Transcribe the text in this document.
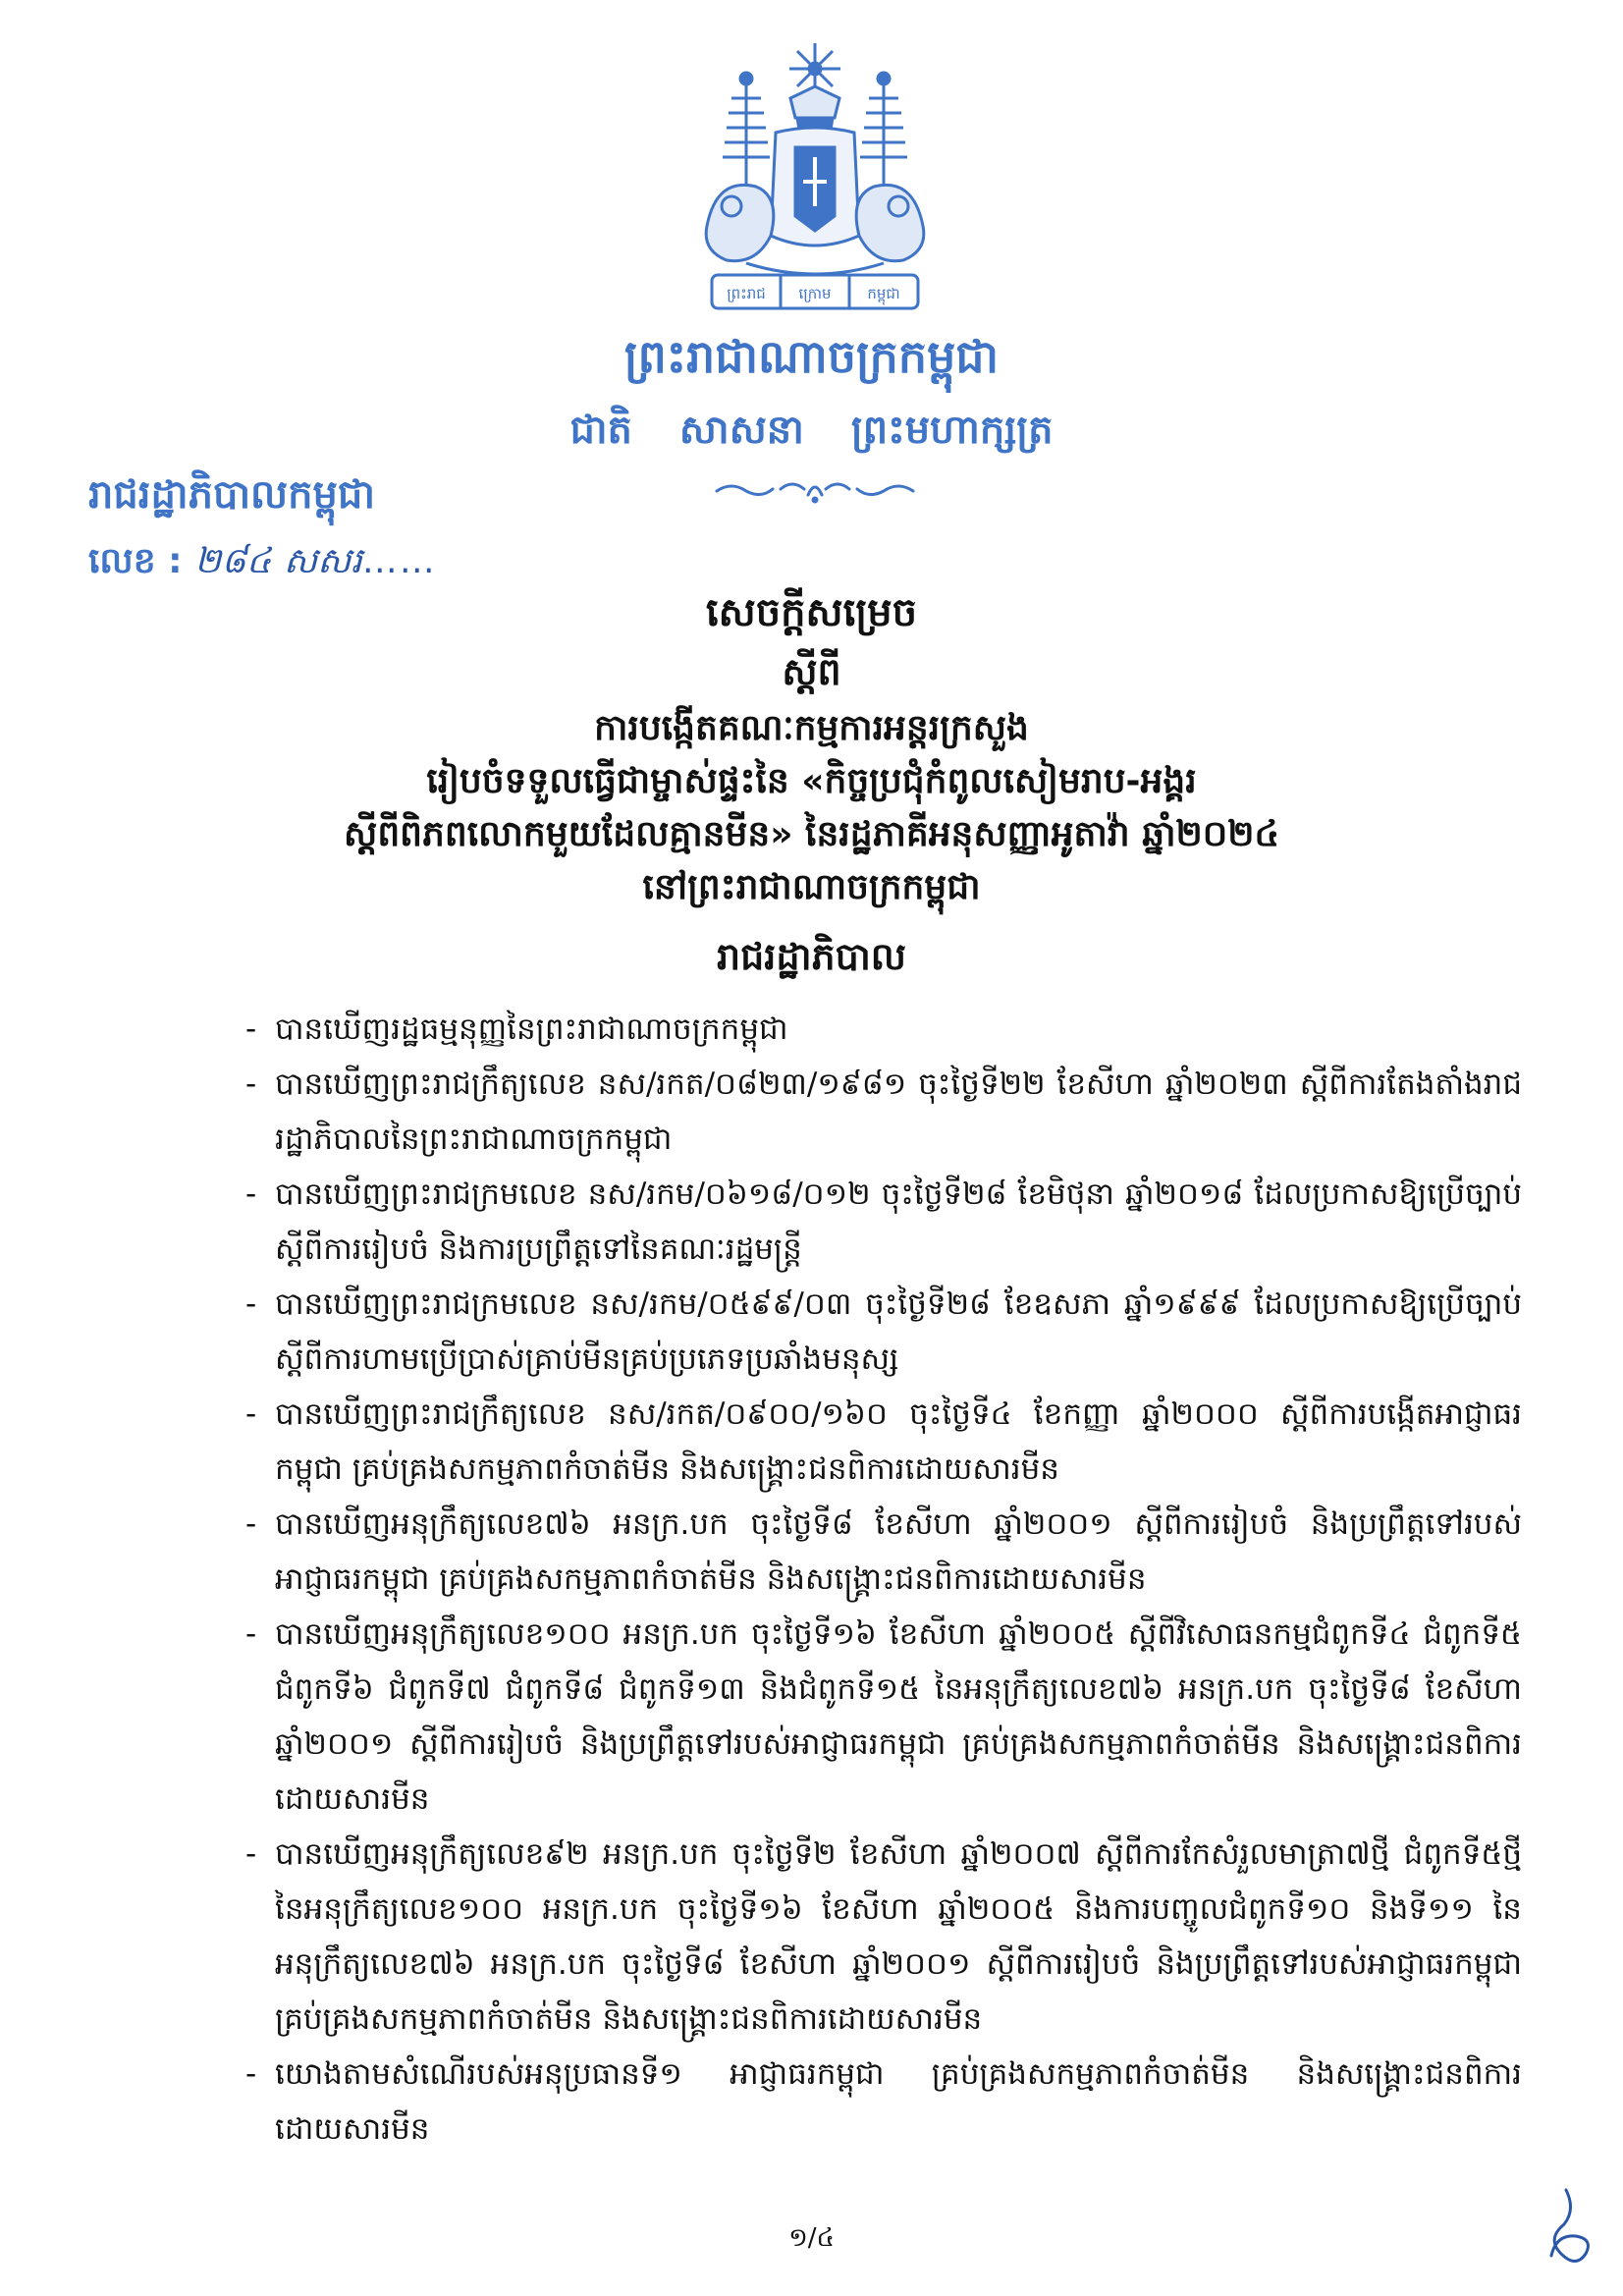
ព្រះរាជ ក្រោម កម្ពុជា
ព្រះរាជាណាចក្រកម្ពុជា
ជាតិ សាសនា ព្រះមហាក្សត្រ
រាជរដ្ឋាភិបាលកម្ពុជា
លេខ : ២៨៤ សសរ……
សេចក្តីសម្រេច
ស្តីពី
ការបង្កើតគណៈកម្មការអន្តរក្រសួង
រៀបចំទទួលធ្វើជាម្ចាស់ផ្ទះនៃ «កិច្ចប្រជុំកំពូលសៀមរាប-អង្គរ
ស្តីពីពិភពលោកមួយដែលគ្មានមីន» នៃរដ្ឋភាគីអនុសញ្ញាអូតាវ៉ា ឆ្នាំ២០២៤
នៅព្រះរាជាណាចក្រកម្ពុជា
រាជរដ្ឋាភិបាល
- បានឃើញរដ្ឋធម្មនុញ្ញនៃព្រះរាជាណាចក្រកម្ពុជា
- បានឃើញព្រះរាជក្រឹត្យលេខ នស/រកត/០៨២៣/១៩៨១ ចុះថ្ងៃទី២២ ខែសីហា ឆ្នាំ២០២៣ ស្តីពីការតែងតាំងរាជរដ្ឋាភិបាលនៃព្រះរាជាណាចក្រកម្ពុជា
- បានឃើញព្រះរាជក្រមលេខ នស/រកម/០៦១៨/០១២ ចុះថ្ងៃទី២៨ ខែមិថុនា ឆ្នាំ២០១៨ ដែលប្រកាសឱ្យប្រើច្បាប់ស្តីពីការរៀបចំ និងការប្រព្រឹត្តទៅនៃគណៈរដ្ឋមន្ត្រី
- បានឃើញព្រះរាជក្រមលេខ នស/រកម/០៥៩៩/០៣ ចុះថ្ងៃទី២៨ ខែឧសភា ឆ្នាំ១៩៩៩ ដែលប្រកាសឱ្យប្រើច្បាប់ស្តីពីការហាមប្រើប្រាស់គ្រាប់មីនគ្រប់ប្រភេទប្រឆាំងមនុស្ស
- បានឃើញព្រះរាជក្រឹត្យលេខ នស/រកត/០៩០០/១៦០ ចុះថ្ងៃទី៤ ខែកញ្ញា ឆ្នាំ២០០០ ស្តីពីការបង្កើតអាជ្ញាធរកម្ពុជា គ្រប់គ្រងសកម្មភាពកំចាត់មីន និងសង្គ្រោះជនពិការដោយសារមីន
- បានឃើញអនុក្រឹត្យលេខ៧៦ អនក្រ.បក ចុះថ្ងៃទី៨ ខែសីហា ឆ្នាំ២០០១ ស្តីពីការរៀបចំ និងប្រព្រឹត្តទៅរបស់អាជ្ញាធរកម្ពុជា គ្រប់គ្រងសកម្មភាពកំចាត់មីន និងសង្គ្រោះជនពិការដោយសារមីន
- បានឃើញអនុក្រឹត្យលេខ១០០ អនក្រ.បក ចុះថ្ងៃទី១៦ ខែសីហា ឆ្នាំ២០០៥ ស្តីពីវិសោធនកម្មជំពូកទី៤ ជំពូកទី៥ ជំពូកទី៦ ជំពូកទី៧ ជំពូកទី៨ ជំពូកទី១៣ និងជំពូកទី១៥ នៃអនុក្រឹត្យលេខ៧៦ អនក្រ.បក ចុះថ្ងៃទី៨ ខែសីហា ឆ្នាំ២០០១ ស្តីពីការរៀបចំ និងប្រព្រឹត្តទៅរបស់អាជ្ញាធរកម្ពុជា គ្រប់គ្រងសកម្មភាពកំចាត់មីន និងសង្គ្រោះជនពិការដោយសារមីន
- បានឃើញអនុក្រឹត្យលេខ៩២ អនក្រ.បក ចុះថ្ងៃទី២ ខែសីហា ឆ្នាំ២០០៧ ស្តីពីការកែសំរួលមាត្រា៧ថ្មី ជំពូកទី៥ថ្មី នៃអនុក្រឹត្យលេខ១០០ អនក្រ.បក ចុះថ្ងៃទី១៦ ខែសីហា ឆ្នាំ២០០៥ និងការបញ្ចូលជំពូកទី១០ និងទី១១ នៃអនុក្រឹត្យលេខ៧៦ អនក្រ.បក ចុះថ្ងៃទី៨ ខែសីហា ឆ្នាំ២០០១ ស្តីពីការរៀបចំ និងប្រព្រឹត្តទៅរបស់អាជ្ញាធរកម្ពុជា គ្រប់គ្រងសកម្មភាពកំចាត់មីន និងសង្គ្រោះជនពិការដោយសារមីន
- យោងតាមសំណើរបស់អនុប្រធានទី១ អាជ្ញាធរកម្ពុជា គ្រប់គ្រងសកម្មភាពកំចាត់មីន និងសង្គ្រោះជនពិការដោយសារមីន
១/៤
